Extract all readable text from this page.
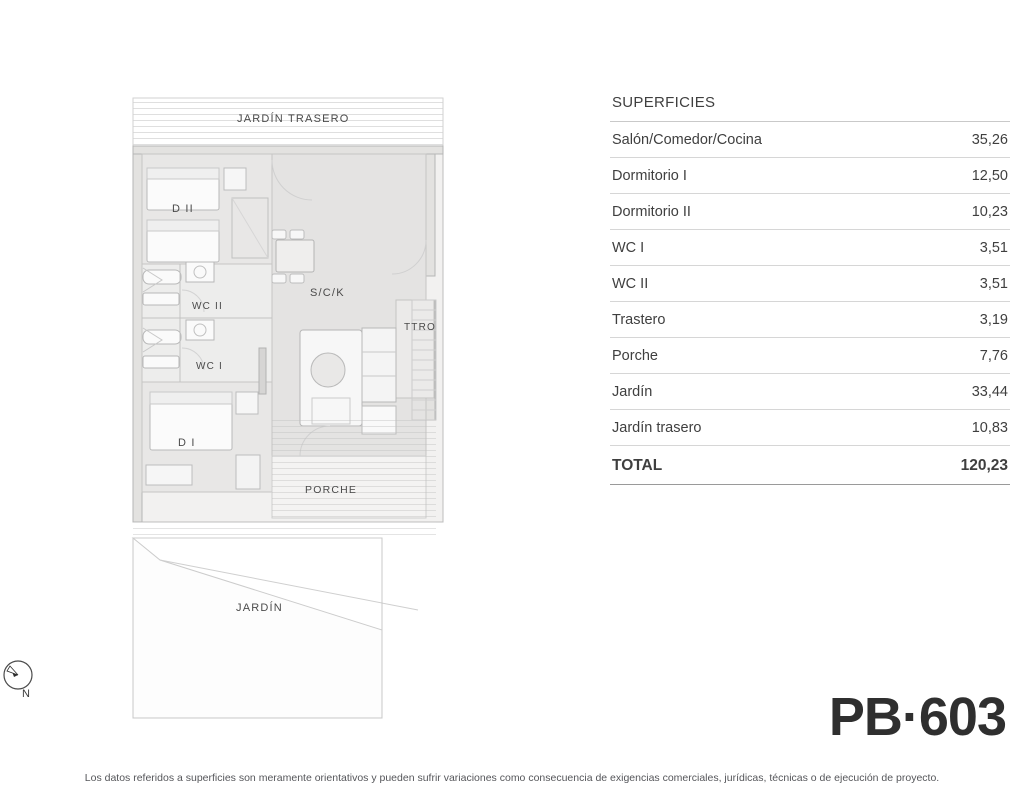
JARDÍN TRASERO
D II
WC II
WC I
S/C/K
TTRO
D I
PORCHE
JARDÍN
N
SUPERFICIES
Salón/Comedor/Cocina	35,26
Dormitorio I	12,50
Dormitorio II	10,23
WC I	3,51
WC II	3,51
Trastero	3,19
Porche	7,76
Jardín	33,44
Jardín trasero	10,83
TOTAL	120,23
PB·603
Los datos referidos a superficies son meramente orientativos y pueden sufrir variaciones como consecuencia de exigencias comerciales, jurídicas, técnicas o de ejecución de proyecto.
